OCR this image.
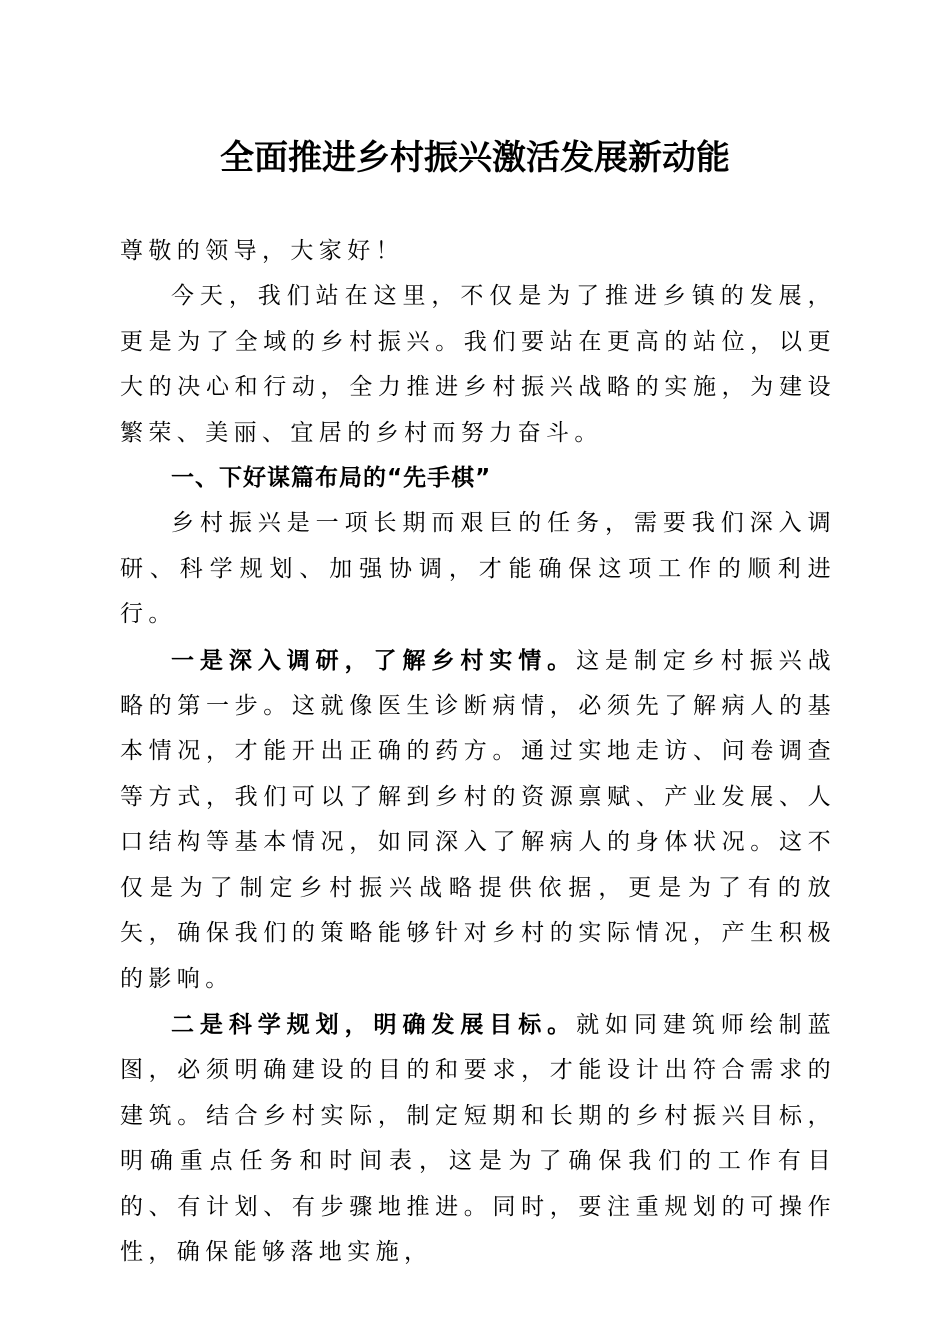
全面推进乡村振兴激活发展新动能

尊敬的领导，大家好！

今天，我们站在这里，不仅是为了推进乡镇的发展，更是为了全域的乡村振兴。我们要站在更高的站位，以更大的决心和行动，全力推进乡村振兴战略的实施，为建设繁荣、美丽、宜居的乡村而努力奋斗。

一、下好谋篇布局的“先手棋”

乡村振兴是一项长期而艰巨的任务，需要我们深入调研、科学规划、加强协调，才能确保这项工作的顺利进行。

一是深入调研，了解乡村实情。这是制定乡村振兴战略的第一步。这就像医生诊断病情，必须先了解病人的基本情况，才能开出正确的药方。通过实地走访、问卷调查等方式，我们可以了解到乡村的资源禀赋、产业发展、人口结构等基本情况，如同深入了解病人的身体状况。这不仅是为了制定乡村振兴战略提供依据，更是为了有的放矢，确保我们的策略能够针对乡村的实际情况，产生积极的影响。

二是科学规划，明确发展目标。就如同建筑师绘制蓝图，必须明确建设的目的和要求，才能设计出符合需求的建筑。结合乡村实际，制定短期和长期的乡村振兴目标，明确重点任务和时间表，这是为了确保我们的工作有目的、有计划、有步骤地推进。同时，要注重规划的可操作性，确保能够落地实施，
